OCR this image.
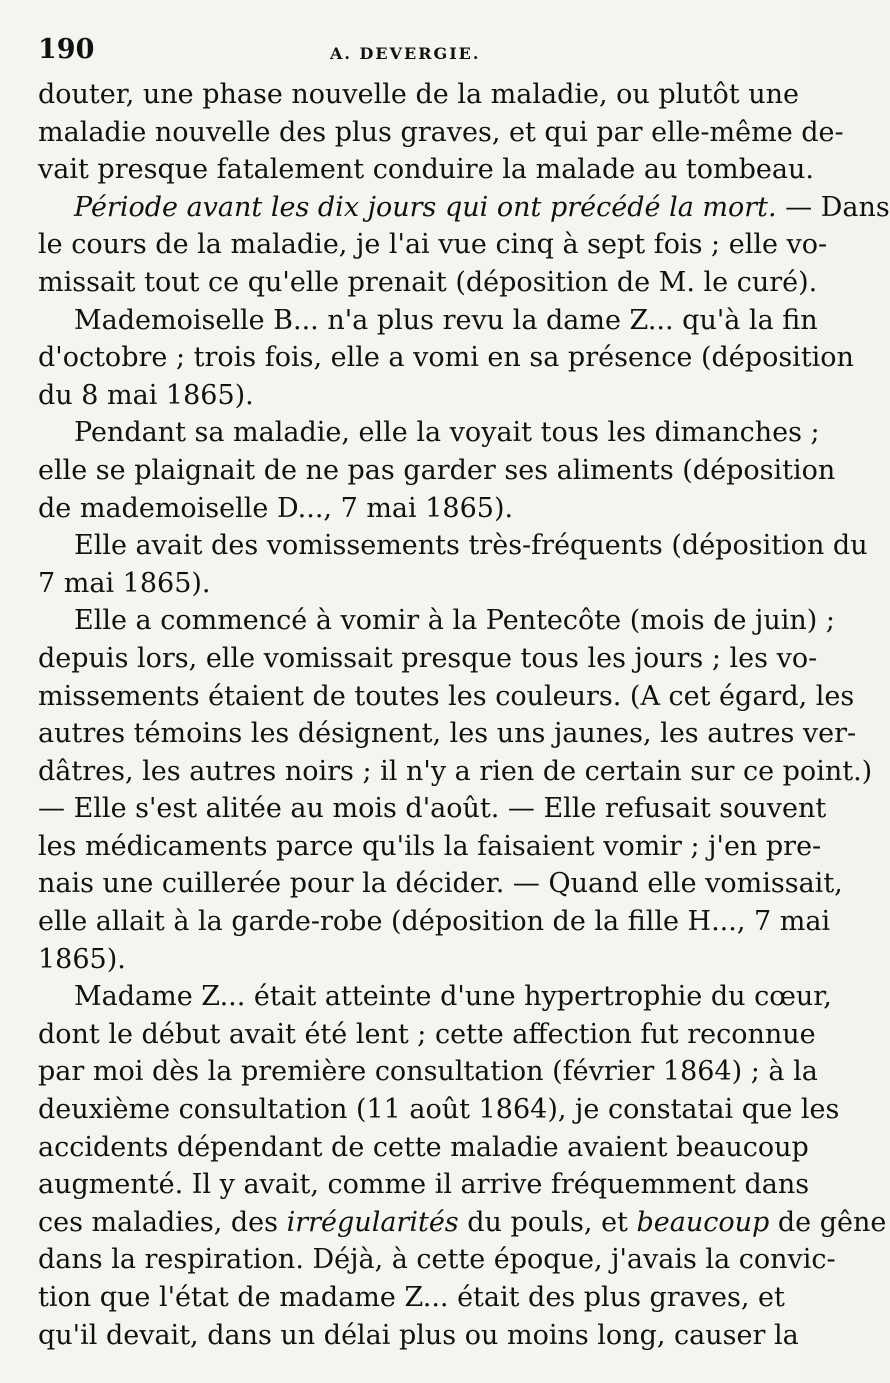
190	A. DEVERGIE.
douter, une phase nouvelle de la maladie, ou plutôt une
maladie nouvelle des plus graves, et qui par elle-même de-
vait presque fatalement conduire la malade au tombeau.
Période avant les dix jours qui ont précédé la mort. — Dans
le cours de la maladie, je l'ai vue cinq à sept fois ; elle vo-
missait tout ce qu'elle prenait (déposition de M. le curé).
Mademoiselle B... n'a plus revu la dame Z... qu'à la fin
d'octobre ; trois fois, elle a vomi en sa présence (déposition
du 8 mai 1865).
Pendant sa maladie, elle la voyait tous les dimanches ;
elle se plaignait de ne pas garder ses aliments (déposition
de mademoiselle D..., 7 mai 1865).
Elle avait des vomissements très-fréquents (déposition du
7 mai 1865).
Elle a commencé à vomir à la Pentecôte (mois de juin) ;
depuis lors, elle vomissait presque tous les jours ; les vo-
missements étaient de toutes les couleurs. (A cet égard, les
autres témoins les désignent, les uns jaunes, les autres ver-
dâtres, les autres noirs ; il n'y a rien de certain sur ce point.)
— Elle s'est alitée au mois d'août. — Elle refusait souvent
les médicaments parce qu'ils la faisaient vomir ; j'en pre-
nais une cuillerée pour la décider. — Quand elle vomissait,
elle allait à la garde-robe (déposition de la fille H..., 7 mai
1865).
Madame Z... était atteinte d'une hypertrophie du cœur,
dont le début avait été lent ; cette affection fut reconnue
par moi dès la première consultation (février 1864) ; à la
deuxième consultation (11 août 1864), je constatai que les
accidents dépendant de cette maladie avaient beaucoup
augmenté. Il y avait, comme il arrive fréquemment dans
ces maladies, des irrégularités du pouls, et beaucoup de gêne
dans la respiration. Déjà, à cette époque, j'avais la convic-
tion que l'état de madame Z... était des plus graves, et
qu'il devait, dans un délai plus ou moins long, causer la
